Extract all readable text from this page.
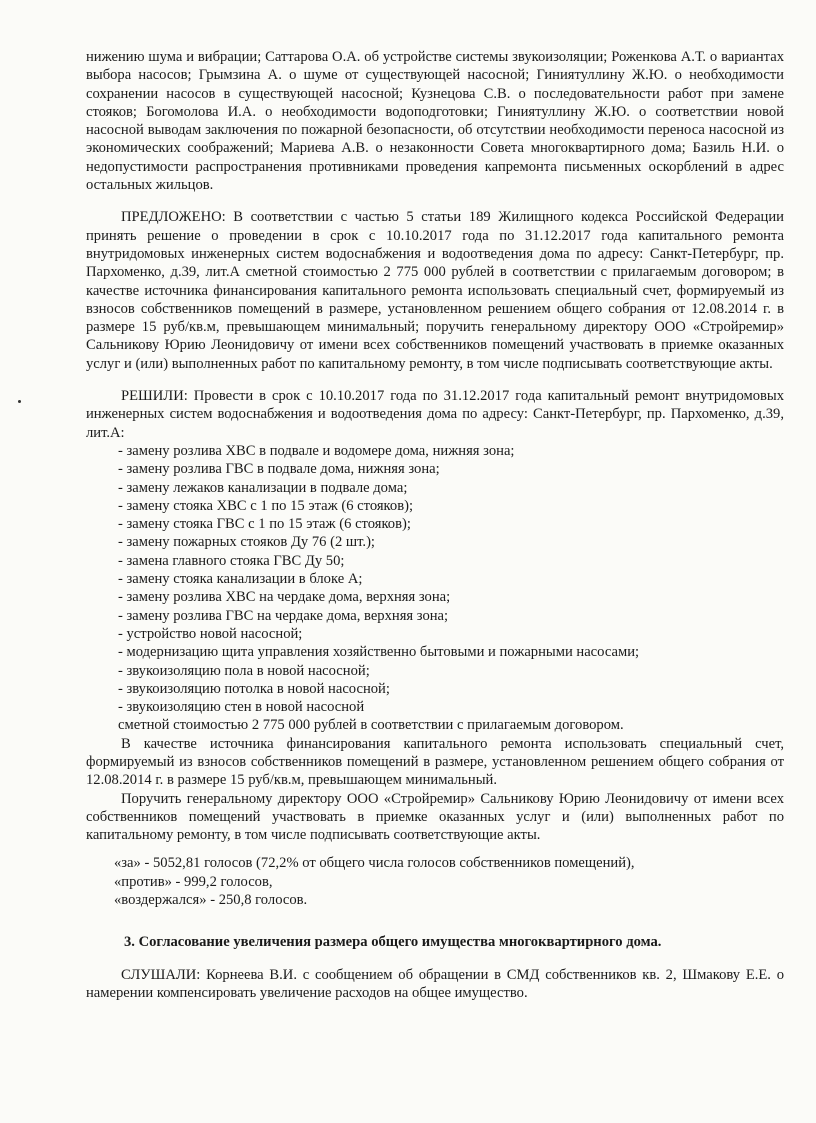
нижению шума и вибрации; Саттарова О.А. об устройстве системы звукоизоляции; Роженкова А.Т. о вариантах выбора насосов; Грымзина А. о шуме от существующей насосной; Гиниятуллину Ж.Ю. о необходимости сохранении насосов в существующей насосной; Кузнецова С.В. о последовательности работ при замене стояков; Богомолова И.А. о необходимости водоподготовки; Гиниятуллину Ж.Ю. о соответствии новой насосной выводам заключения по пожарной безопасности, об отсутствии необходимости переноса насосной из экономических соображений; Мариева А.В. о незаконности Совета многоквартирного дома; Базиль Н.И. о недопустимости распространения противниками проведения капремонта письменных оскорблений в адрес остальных жильцов.

ПРЕДЛОЖЕНО: В соответствии с частью 5 статьи 189 Жилищного кодекса Российской Федерации принять решение о проведении в срок с 10.10.2017 года по 31.12.2017 года капитального ремонта внутридомовых инженерных систем водоснабжения и водоотведения дома по адресу: Санкт-Петербург, пр. Пархоменко, д.39, лит.А сметной стоимостью 2 775 000 рублей в соответствии с прилагаемым договором; в качестве источника финансирования капитального ремонта использовать специальный счет, формируемый из взносов собственников помещений в размере, установленном решением общего собрания от 12.08.2014 г. в размере 15 руб/кв.м, превышающем минимальный; поручить генеральному директору ООО «Стройремир» Сальникову Юрию Леонидовичу от имени всех собственников помещений участвовать в приемке оказанных услуг и (или) выполненных работ по капитальному ремонту, в том числе подписывать соответствующие акты.

РЕШИЛИ: Провести в срок с 10.10.2017 года по 31.12.2017 года капитальный ремонт внутридомовых инженерных систем водоснабжения и водоотведения дома по адресу: Санкт-Петербург, пр. Пархоменко, д.39, лит.А:

- замену розлива ХВС в подвале и водомере дома, нижняя зона;
- замену розлива ГВС в подвале дома, нижняя зона;
- замену лежаков канализации в подвале дома;
- замену стояка ХВС с 1 по 15 этаж (6 стояков);
- замену стояка ГВС с 1 по 15 этаж (6 стояков);
- замену пожарных стояков Ду 76 (2 шт.);
- замена главного стояка ГВС Ду 50;
- замену стояка канализации в блоке А;
- замену розлива ХВС на чердаке дома, верхняя зона;
- замену розлива ГВС на чердаке дома, верхняя зона;
- устройство новой насосной;
- модернизацию щита управления хозяйственно бытовыми и пожарными насосами;
- звукоизоляцию пола в новой насосной;
- звукоизоляцию потолка в новой насосной;
- звукоизоляцию стен в новой насосной

сметной стоимостью 2 775 000 рублей в соответствии с прилагаемым договором.

В качестве источника финансирования капитального ремонта использовать специальный счет, формируемый из взносов собственников помещений в размере, установленном решением общего собрания от 12.08.2014 г. в размере 15 руб/кв.м, превышающем минимальный.

Поручить генеральному директору ООО «Стройремир» Сальникову Юрию Леонидовичу от имени всех собственников помещений участвовать в приемке оказанных услуг и (или) выполненных работ по капитальному ремонту, в том числе подписывать соответствующие акты.

«за» - 5052,81 голосов (72,2% от общего числа голосов собственников помещений),

«против» - 999,2 голосов,

«воздержался» - 250,8 голосов.

3. Согласование увеличения размера общего имущества многоквартирного дома.

СЛУШАЛИ: Корнеева В.И. с сообщением об обращении в СМД собственников кв. 2, Шмакову Е.Е. о намерении компенсировать увеличение расходов на общее имущество.
